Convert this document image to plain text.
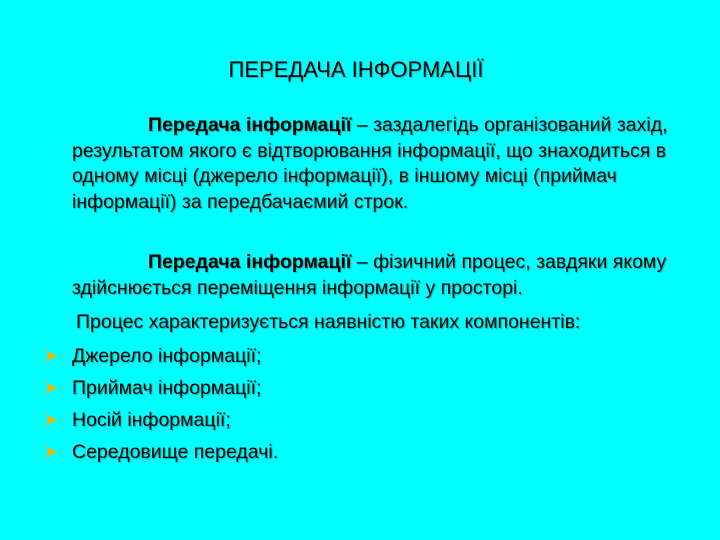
ПЕРЕДАЧА ІНФОРМАЦІЇ
Передача інформації – заздалегідь організований захід, результатом якого є відтворювання інформації, що знаходиться в одному місці (джерело інформації), в іншому місці (приймач інформації) за передбачаємий строк.
Передача інформації – фізичний процес, завдяки якому здійснюється переміщення інформації у просторі.
Процес характеризується наявністю таких компонентів:
Джерело інформації;
Приймач інформації;
Носій інформації;
Середовище передачі.
